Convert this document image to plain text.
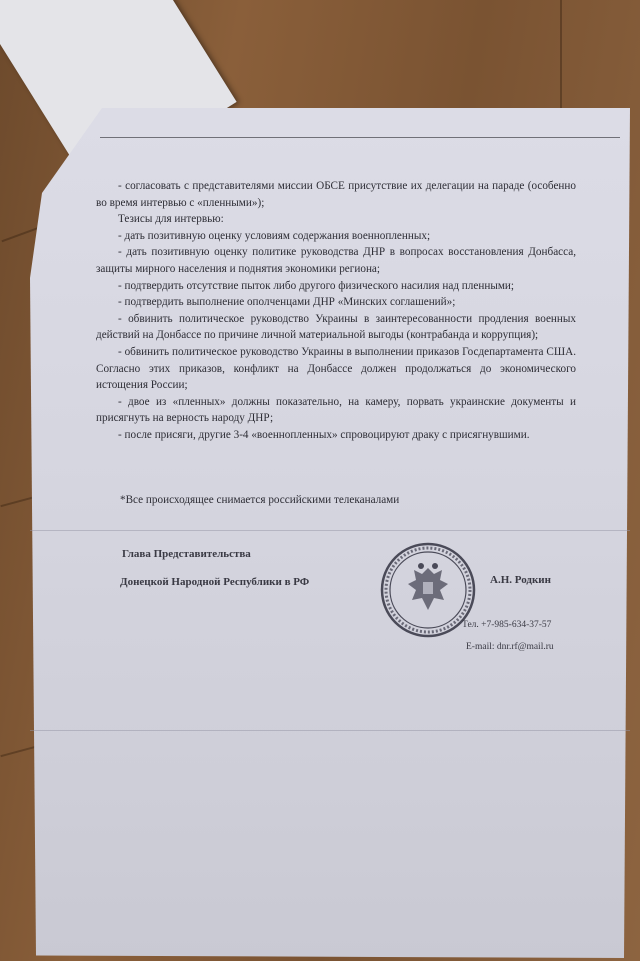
- согласовать с представителями миссии ОБСЕ присутствие их делегации на параде (особенно во время интервью с «пленными»);

Тезисы для интервью:

- дать позитивную оценку условиям содержания военнопленных;

- дать позитивную оценку политике руководства ДНР в вопросах восстановления Донбасса, защиты мирного населения и поднятия экономики региона;

- подтвердить отсутствие пыток либо другого физического насилия над пленными;

- подтвердить выполнение ополченцами ДНР «Минских соглашений»;

- обвинить политическое руководство Украины в заинтересованности продления военных действий на Донбассе по причине личной материальной выгоды (контрабанда и коррупция);

- обвинить политическое руководство Украины в выполнении приказов Госдепартамента США. Согласно этих приказов, конфликт на Донбассе должен продолжаться до экономического истощения России;

- двое из «пленных» должны показательно, на камеру, порвать украинские документы и присягнуть на верность народу ДНР;

- после присяги, другие 3-4 «военнопленных» спровоцируют драку с присягнувшими.

*Все происходящее снимается российскими телеканалами
Глава Представительства
Донецкой Народной Республики в РФ	А.Н. Родкин
Тел. +7-985-634-37-57
E-mail: dnr.rf@mail.ru
